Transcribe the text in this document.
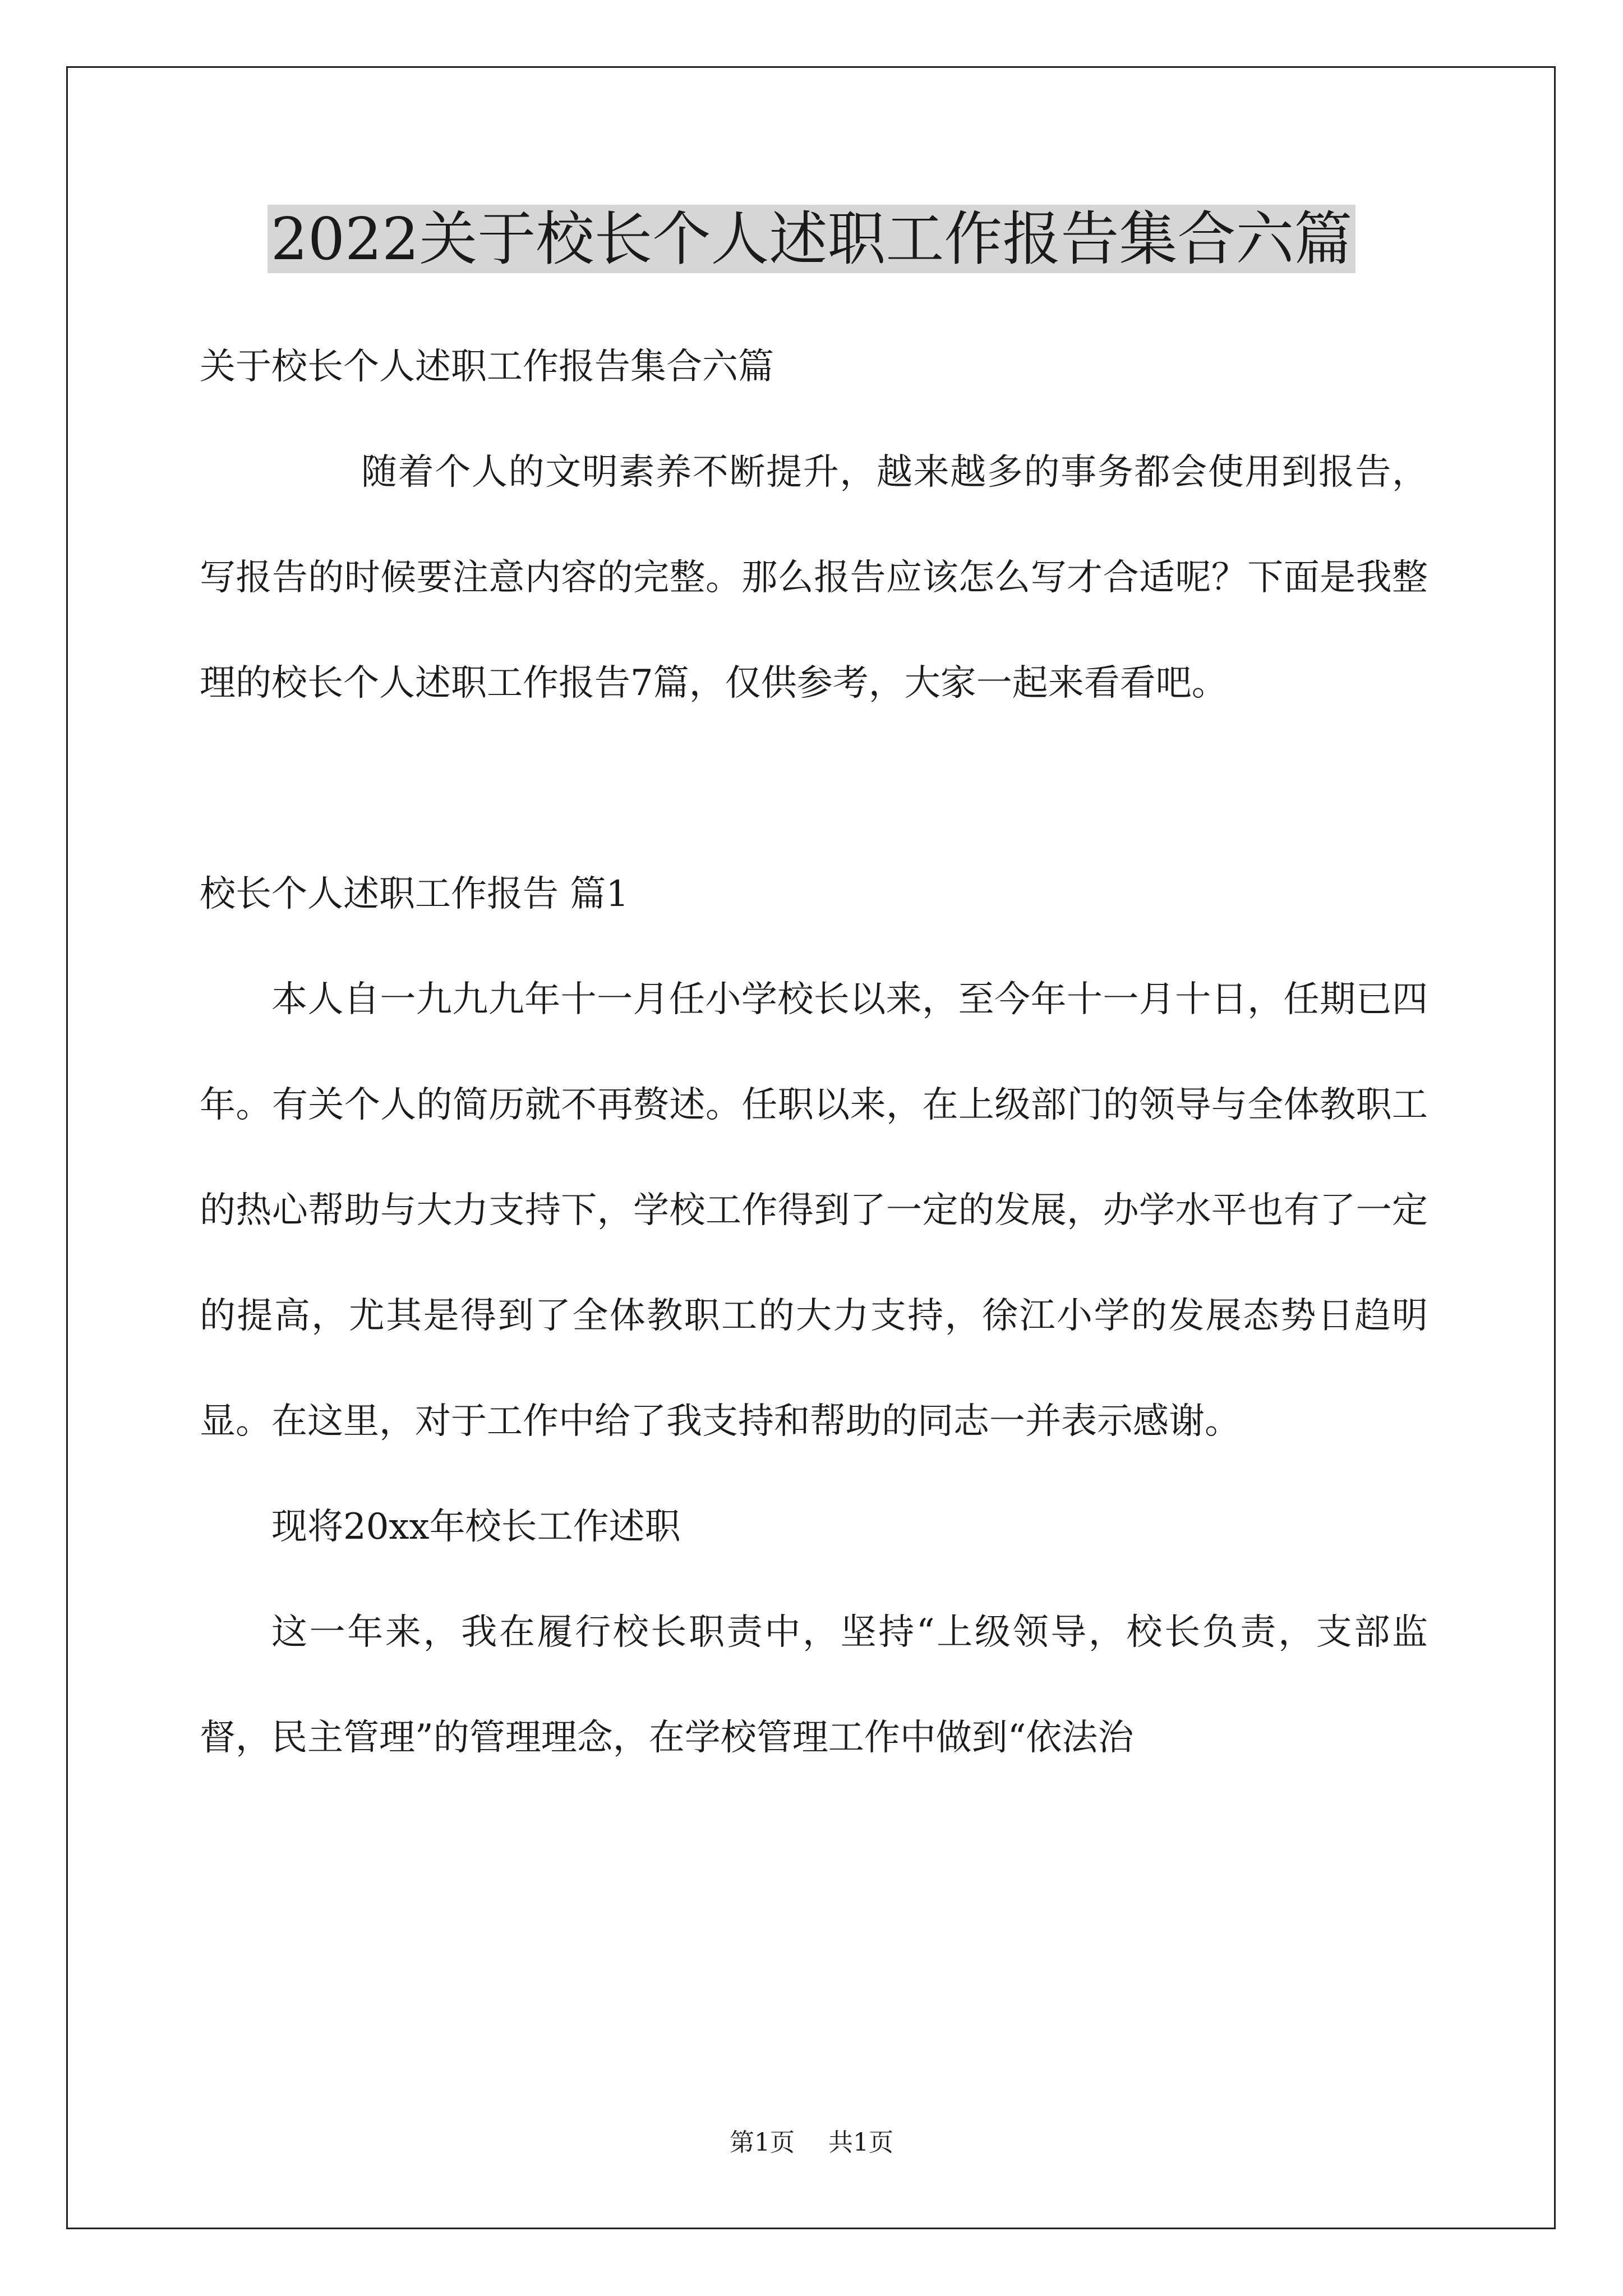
2022关于校长个人述职工作报告集合六篇

关于校长个人述职工作报告集合六篇

随着个人的文明素养不断提升，越来越多的事务都会使用到报告，写报告的时候要注意内容的完整。那么报告应该怎么写才合适呢？下面是我整理的校长个人述职工作报告7篇，仅供参考，大家一起来看看吧。

校长个人述职工作报告 篇1

本人自一九九九年十一月任小学校长以来，至今年十一月十日，任期已四年。有关个人的简历就不再赘述。任职以来，在上级部门的领导与全体教职工的热心帮助与大力支持下，学校工作得到了一定的发展，办学水平也有了一定的提高，尤其是得到了全体教职工的大力支持，徐江小学的发展态势日趋明显。在这里，对于工作中给了我支持和帮助的同志一并表示感谢。

现将20xx年校长工作述职

这一年来，我在履行校长职责中，坚持“上级领导，校长负责，支部监督，民主管理”的管理理念，在学校管理工作中做到“依法治

第1页 共1页
